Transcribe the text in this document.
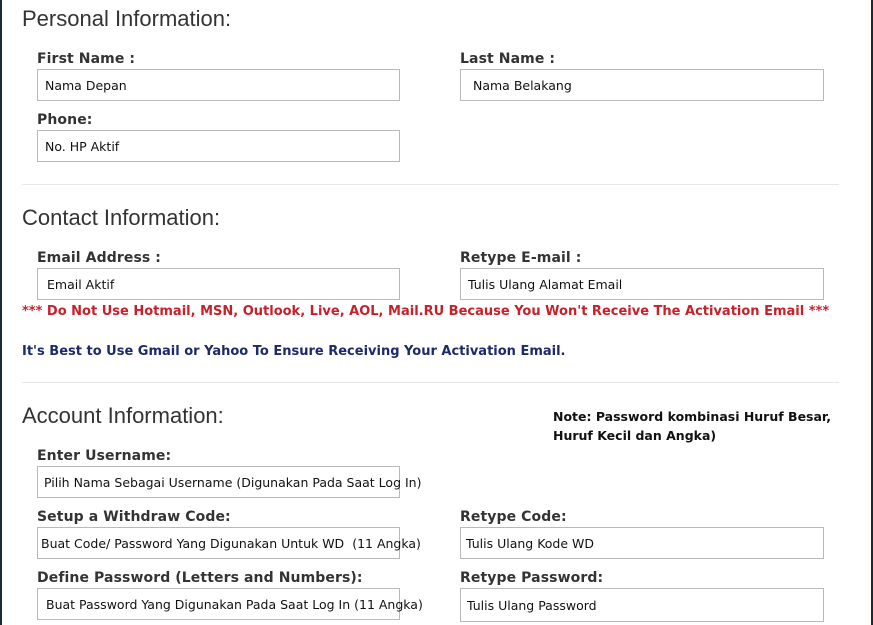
Personal Information:
First Name :
Nama Depan
Last Name :
Nama Belakang
Phone:
No. HP Aktif
Contact Information:
Email Address :
Email Aktif
Retype E-mail :
Tulis Ulang Alamat Email
*** Do Not Use Hotmail, MSN, Outlook, Live, AOL, Mail.RU Because You Won't Receive The Activation Email ***
It's Best to Use Gmail or Yahoo To Ensure Receiving Your Activation Email.
Account Information:	Note: Password kombinasi Huruf Besar, Huruf Kecil dan Angka)
Enter Username:
Pilih Nama Sebagai Username (Digunakan Pada Saat Log In)
Setup a Withdraw Code:
Buat Code/ Password Yang Digunakan Untuk WD (11 Angka)
Retype Code:
Tulis Ulang Kode WD
Define Password (Letters and Numbers):
Buat Password Yang Digunakan Pada Saat Log In (11 Angka)
Retype Password:
Tulis Ulang Password
